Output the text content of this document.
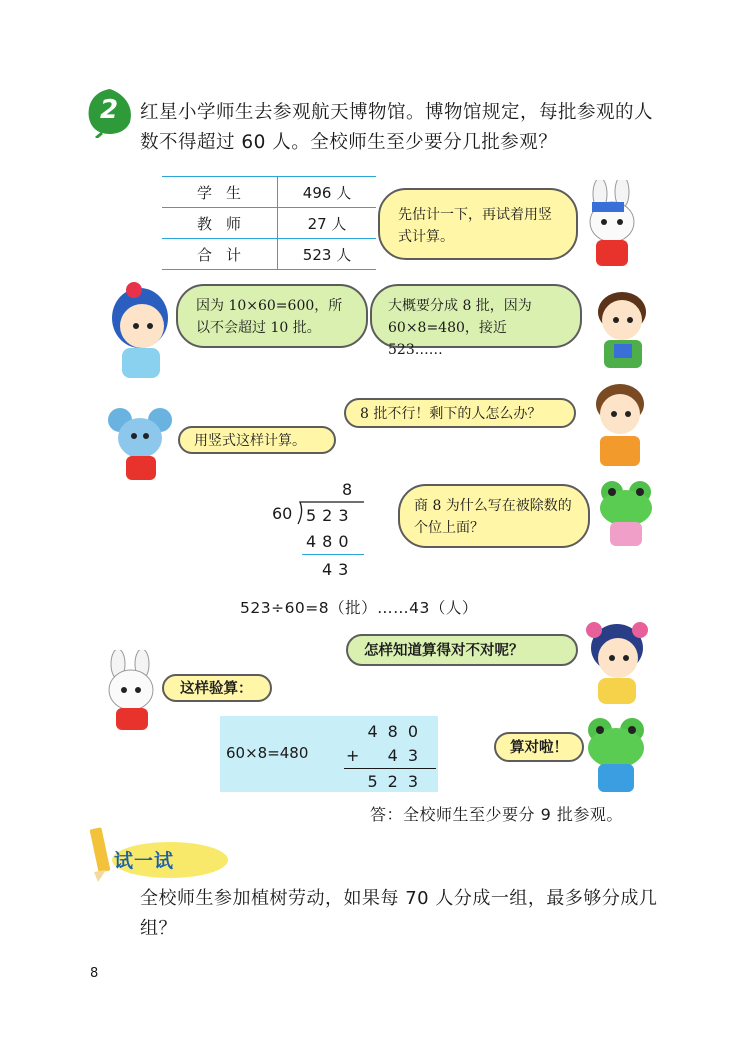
2 红星小学师生去参观航天博物馆。博物馆规定，每批参观的人数不得超过 60 人。全校师生至少要分几批参观？
学生	496 人
教师	27 人
合计	523 人
先估计一下，再试着用竖式计算。
因为 10×60=600，所以不会超过 10 批。
大概要分成 8 批，因为 60×8=480，接近 523……
用竖式这样计算。
8 批不行！剩下的人怎么办？
8
60 523
480
43
商 8 为什么写在被除数的个位上面？
523÷60=8（批）……43（人）
怎样知道算得对不对呢？
这样验算：
60×8=480
480
+ 43
523
算对啦！
答：全校师生至少要分 9 批参观。
试一试
全校师生参加植树劳动，如果每 70 人分成一组，最多够分成几组？
8
